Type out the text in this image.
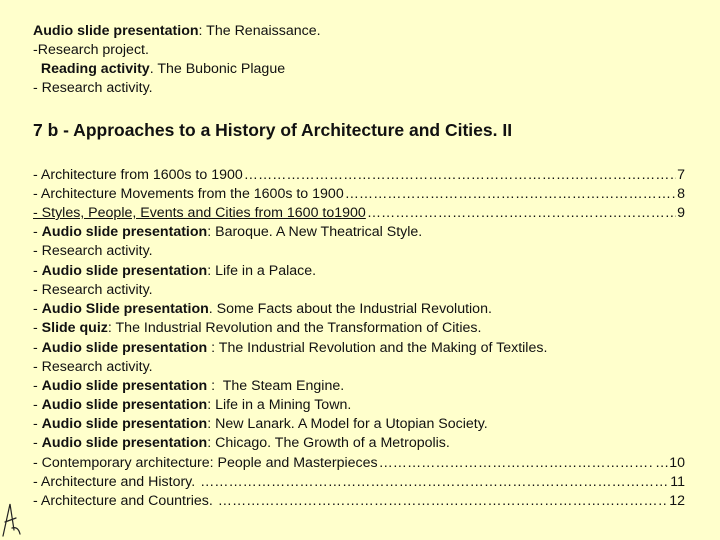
Audio slide presentation: The Renaissance.
-Research project.
Reading activity. The Bubonic Plague
- Research activity.
7 b - Approaches to a History of Architecture and Cities. II
- Architecture from 1600s to 1900 ……………………………………………………………………………………………………………………………………………………	7
- Architecture Movements from the 1600s to 1900 ……………………………………………………………………………………………………………………………………………………	8
- Styles, People, Events and Cities from 1600 to1900 ……………………………………………………………………………………………………………………………………………………	9
- Audio slide presentation: Baroque. A New Theatrical Style.
- Research activity.
- Audio slide presentation: Life in a Palace.
- Research activity.
- Audio Slide presentation. Some Facts about the Industrial Revolution.
- Slide quiz: The Industrial Revolution and the Transformation of Cities.
- Audio slide presentation : The Industrial Revolution and the Making of Textiles.
- Research activity.
- Audio slide presentation :  The Steam Engine.
- Audio slide presentation: Life in a Mining Town.
- Audio slide presentation: New Lanark. A Model for a Utopian Society.
- Audio slide presentation: Chicago. The Growth of a Metropolis.
- Contemporary architecture: People and Masterpieces ……………………………………………………………………………………………………………………………………………………	…10
- Architecture and History. ……………………………………………………………………………………………………………………………………………………	11
- Architecture and Countries. ……………………………………………………………………………………………………………………………………………………	12
